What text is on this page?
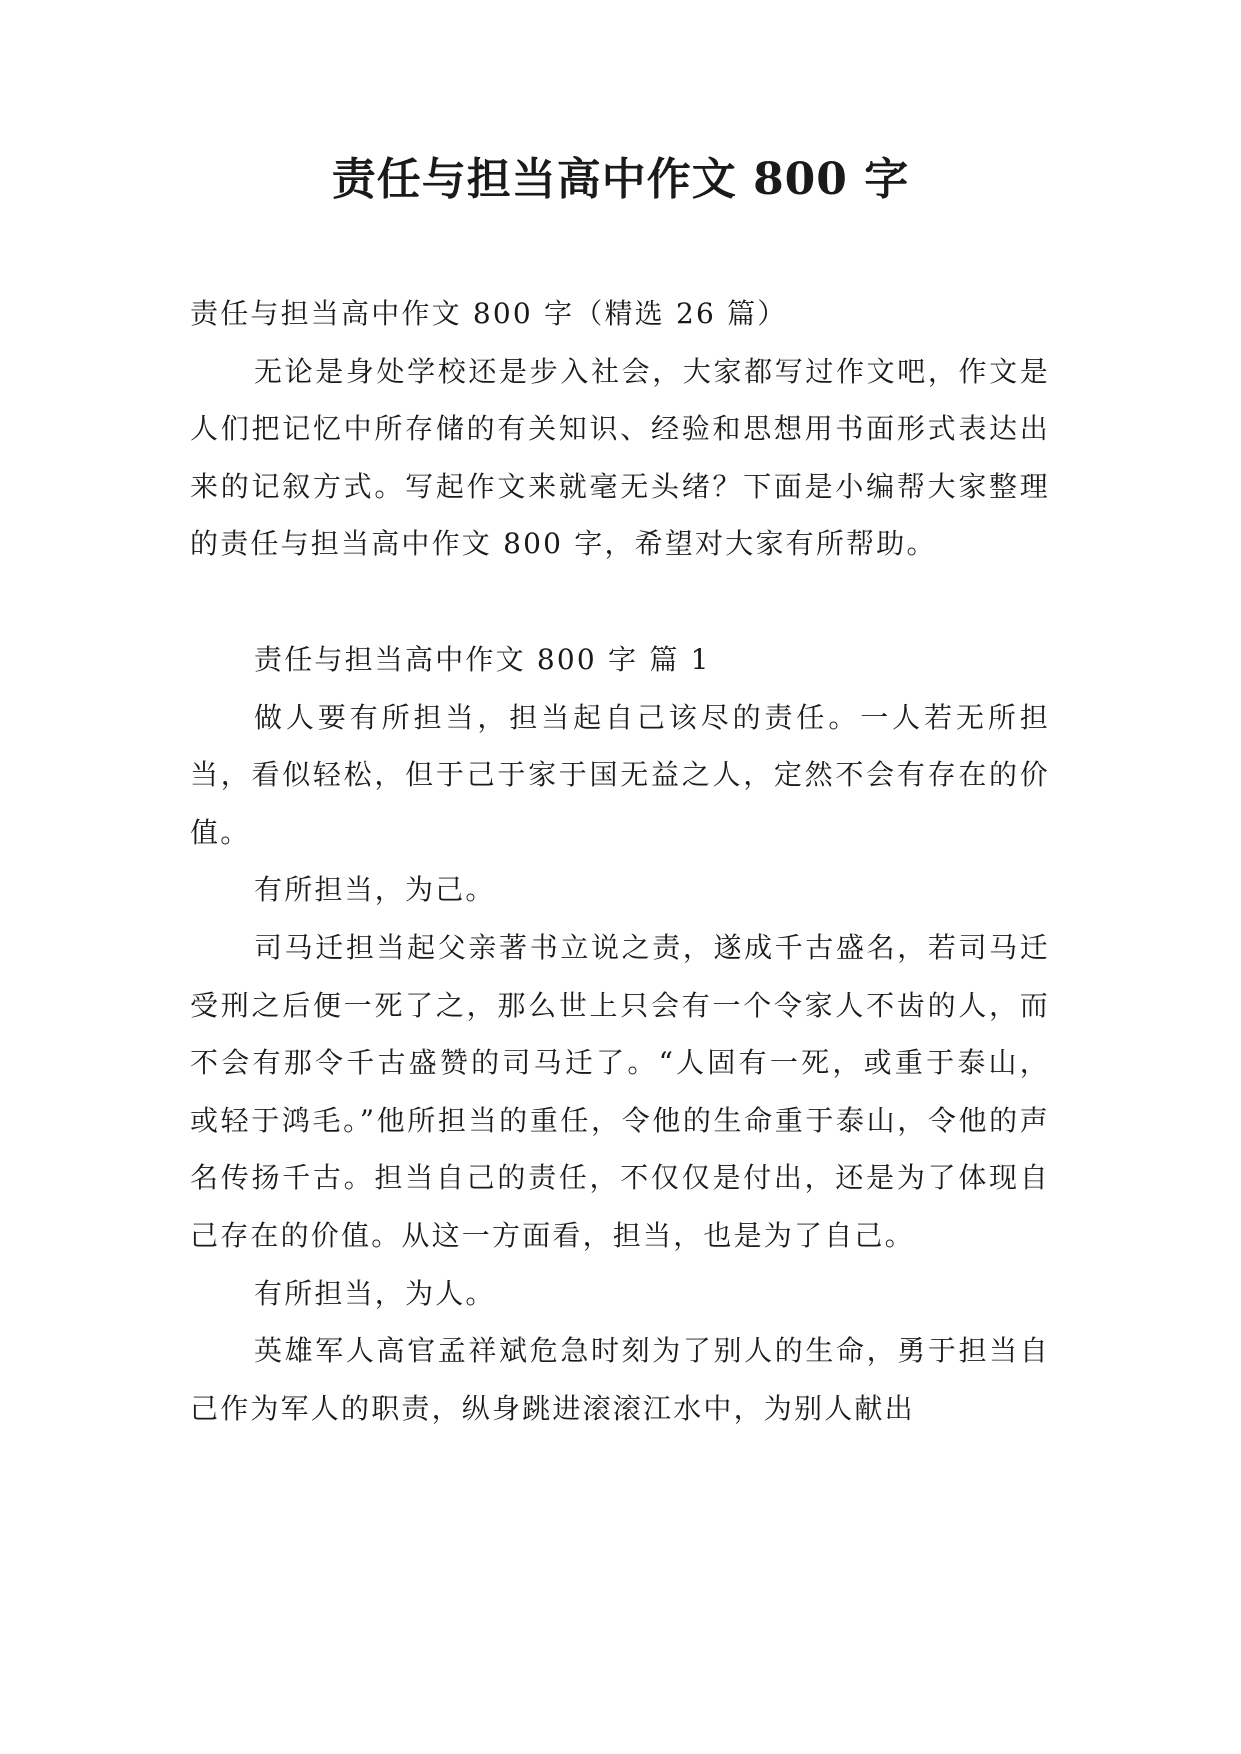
责任与担当高中作文 800 字

责任与担当高中作文 800 字（精选 26 篇）

无论是身处学校还是步入社会，大家都写过作文吧，作文是人们把记忆中所存储的有关知识、经验和思想用书面形式表达出来的记叙方式。写起作文来就毫无头绪？下面是小编帮大家整理的责任与担当高中作文 800 字，希望对大家有所帮助。

责任与担当高中作文 800 字 篇 1

做人要有所担当，担当起自己该尽的责任。一人若无所担当，看似轻松，但于己于家于国无益之人，定然不会有存在的价值。

有所担当，为己。

司马迁担当起父亲著书立说之责，遂成千古盛名，若司马迁受刑之后便一死了之，那么世上只会有一个令家人不齿的人，而不会有那令千古盛赞的司马迁了。“人固有一死，或重于泰山，或轻于鸿毛。”他所担当的重任，令他的生命重于泰山，令他的声名传扬千古。担当自己的责任，不仅仅是付出，还是为了体现自己存在的价值。从这一方面看，担当，也是为了自己。

有所担当，为人。

英雄军人高官孟祥斌危急时刻为了别人的生命，勇于担当自己作为军人的职责，纵身跳进滚滚江水中，为别人献出
